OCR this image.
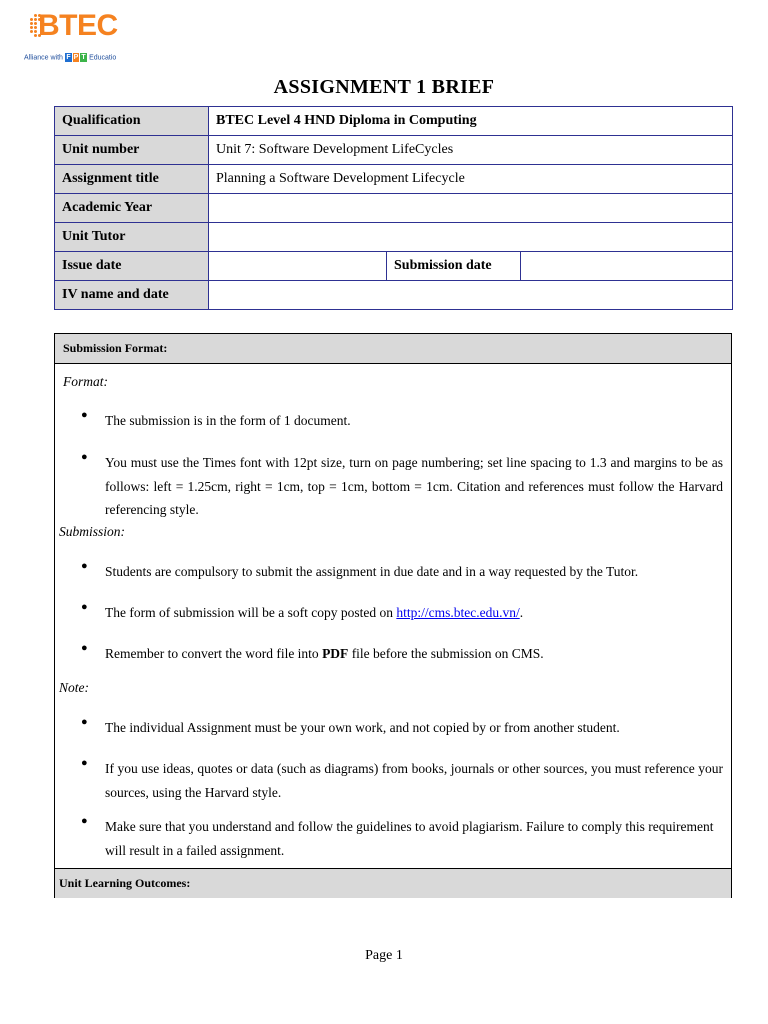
BTEC
Alliance with F P T Educatio
ASSIGNMENT 1 BRIEF
Qualification	BTEC Level 4 HND Diploma in Computing		
Unit number	Unit 7: Software Development LifeCycles		
Assignment title	Planning a Software Development Lifecycle		
Academic Year			
Unit Tutor			
Issue date		Submission date	
IV name and date			
Submission Format:
Format:
● The submission is in the form of 1 document.
● You must use the Times font with 12pt size, turn on page numbering; set line spacing to 1.3 and margins to be as follows: left = 1.25cm, right = 1cm, top = 1cm, bottom = 1cm. Citation and references must follow the Harvard referencing style.
Submission:
● Students are compulsory to submit the assignment in due date and in a way requested by the Tutor.
● The form of submission will be a soft copy posted on http://cms.btec.edu.vn/.
● Remember to convert the word file into PDF file before the submission on CMS.
Note:
● The individual Assignment must be your own work, and not copied by or from another student.
● If you use ideas, quotes or data (such as diagrams) from books, journals or other sources, you must reference your sources, using the Harvard style.
● Make sure that you understand and follow the guidelines to avoid plagiarism. Failure to comply this requirement will result in a failed assignment.
Unit Learning Outcomes:
Page 1
